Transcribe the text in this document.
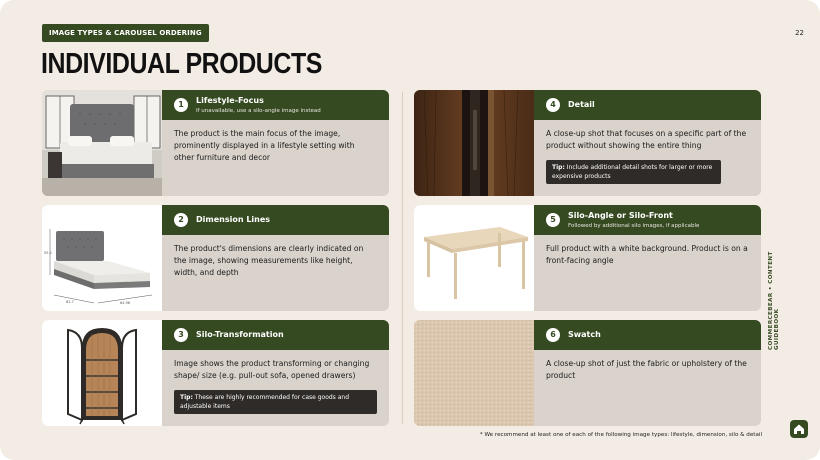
IMAGE TYPES & CAROUSEL ORDERING	22
INDIVIDUAL PRODUCTS
1	Lifestyle-Focus
If unavailable, use a silo-angle image instead
The product is the main focus of the image, prominently displayed in a lifestyle setting with other furniture and decor
55.2
82.7	64.96
2	Dimension Lines
The product's dimensions are clearly indicated on the image, showing measurements like height, width, and depth
3	Silo-Transformation
Image shows the product transforming or changing shape/ size (e.g. pull-out sofa, opened drawers)
Tip: These are highly recommended for case goods and adjustable items
4	Detail
A close-up shot that focuses on a specific part of the product without showing the entire thing
Tip: Include additional detail shots for larger or more expensive products
5	Silo-Angle or Silo-Front
Followed by additional silo images, if applicable
Full product with a white background. Product is on a front-facing angle
6	Swatch
A close-up shot of just the fabric or upholstery of the product
* We recommend at least one of each of the following image types: lifestyle, dimension, silo & detail
COMMERCEBEAR • CONTENT GUIDEBOOK
